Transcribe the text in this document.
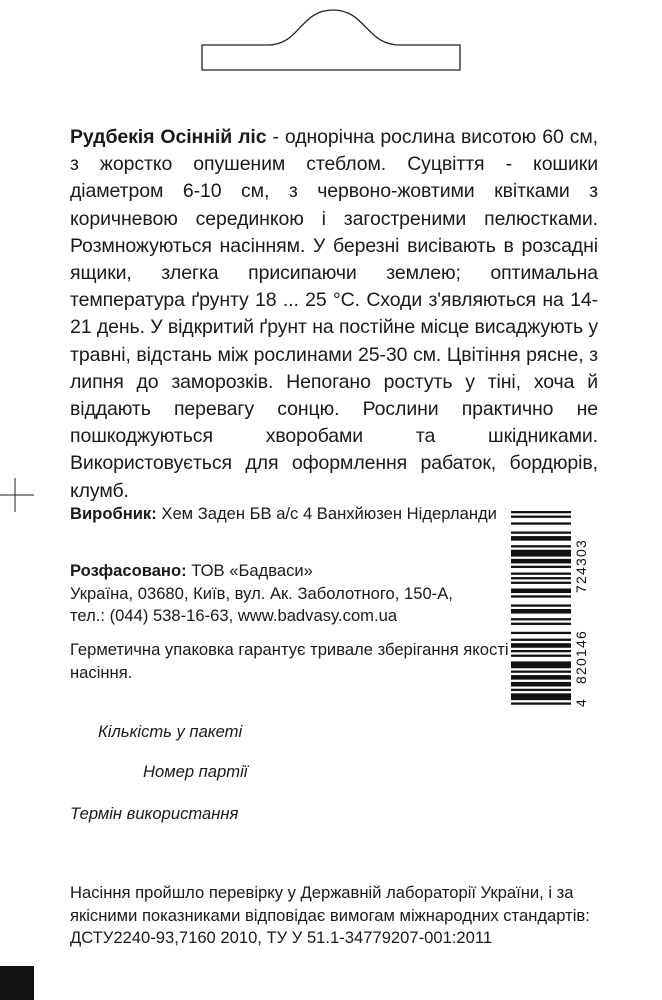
Рудбекія Осінній ліс - однорічна рослина висотою 60 см, з жорстко опушеним стеблом. Суцвіття - кошики діаметром 6-10 см, з червоно-жовтими квітками з коричневою серединкою і загостреними пелюстками. Розмножуються насінням. У березні висівають в розсадні ящики, злегка присипаючи землею; оптимальна температура ґрунту 18 ... 25 °С. Сходи з'являються на 14-21 день. У відкритий ґрунт на постійне місце висаджують у травні, відстань між рослинами 25-30 см. Цвітіння рясне, з липня до заморозків. Непогано ростуть у тіні, хоча й віддають перевагу сонцю. Рослини практично не пошкоджуються хворобами та шкідниками. Використовується для оформлення рабаток, бордюрів, клумб.

Виробник: Хем Заден БВ а/с 4 Ванхйюзен Нідерланди

Розфасовано: ТОВ «Бадваси»
Україна, 03680, Київ, вул. Ак. Заболотного, 150-А,
тел.: (044) 538-16-63, www.badvasy.com.ua

Герметична упаковка гарантує тривале зберігання якості насіння.

4
820146
724303

Кількість у пакеті

Номер партії

Термін використання

Насіння пройшло перевірку у Державній лабораторії України, і за якісними показниками відповідає вимогам міжнародних стандартів: ДСТУ2240-93,7160 2010, ТУ У 51.1-34779207-001:2011
